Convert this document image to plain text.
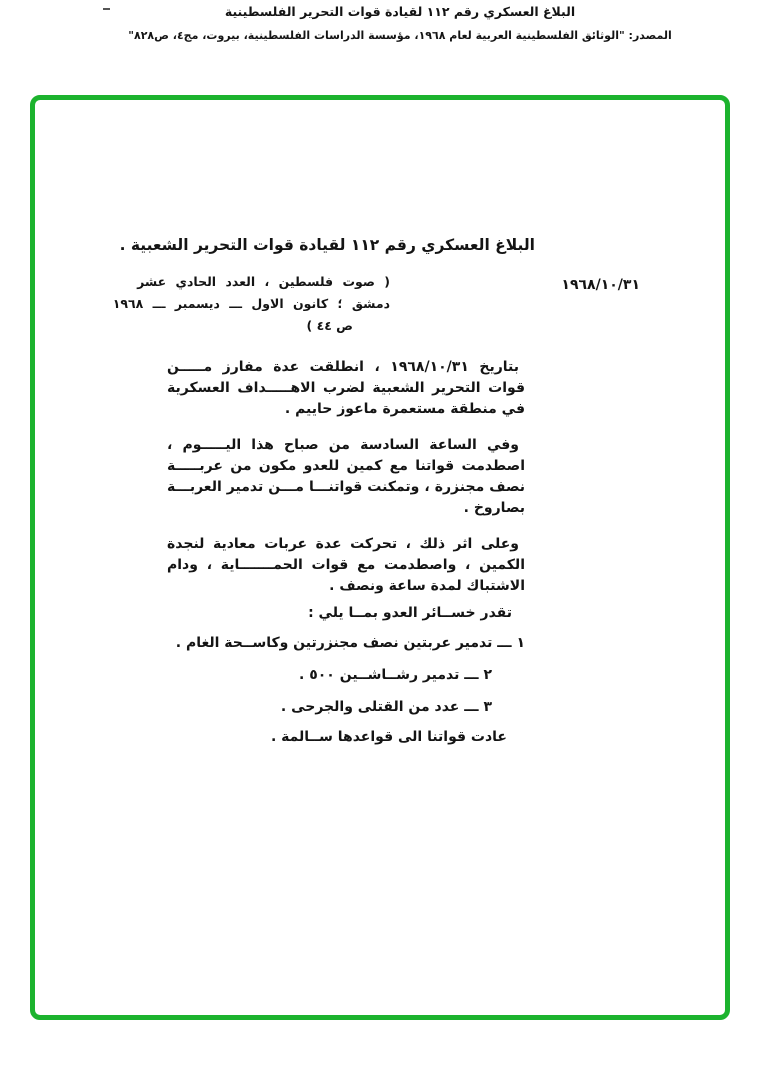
البلاغ العسكري رقم ١١٢ لقيادة قوات التحرير الفلسطينية
المصدر: "الوثائق الفلسطينية العربية لعام ١٩٦٨، مؤسسة الدراسات الفلسطينية، بيروت، مج٤، ص٨٢٨"
البلاغ العسكري رقم ١١٢ لقيادة قوات التحرير الشعبية .
١٩٦٨/١٠/٣١
( صوت فلسطين ، العدد الحادي عشر
دمشق ؛ كانون الاول ـــ ديسمبر ـــ ١٩٦٨
ص ٤٤ )

بتاريخ ١٩٦٨/١٠/٣١ ، انطلقت عدة مفارز مـــــن قوات التحرير الشعبية لضرب الاهـــــداف العسكرية في منطقة مستعمرة ماعوز حاييم .

وفي الساعة السادسة من صباح هذا اليـــــوم ، اصطدمت قواتنا مع كمين للعدو مكون من عربـــــة نصف مجنزرة ، وتمكنت قواتنـــا مـــن تدمير العربـــة بصاروخ .

وعلى اثر ذلك ، تحركت عدة عربات معادية لنجدة الكمين ، واصطدمت مع قوات الحمـــــــاية ، ودام الاشتباك لمدة ساعة ونصف .

تقدر خســائر العدو بمــا يلي :

١ ـــ تدمير عربتين نصف مجنزرتين وكاســحة الغام .
٢ ـــ تدمير رشــاشــين ٥٠٠ .
٣ ـــ عدد من القتلى والجرحى .

عادت قواتنا الى قواعدها ســالمة .
